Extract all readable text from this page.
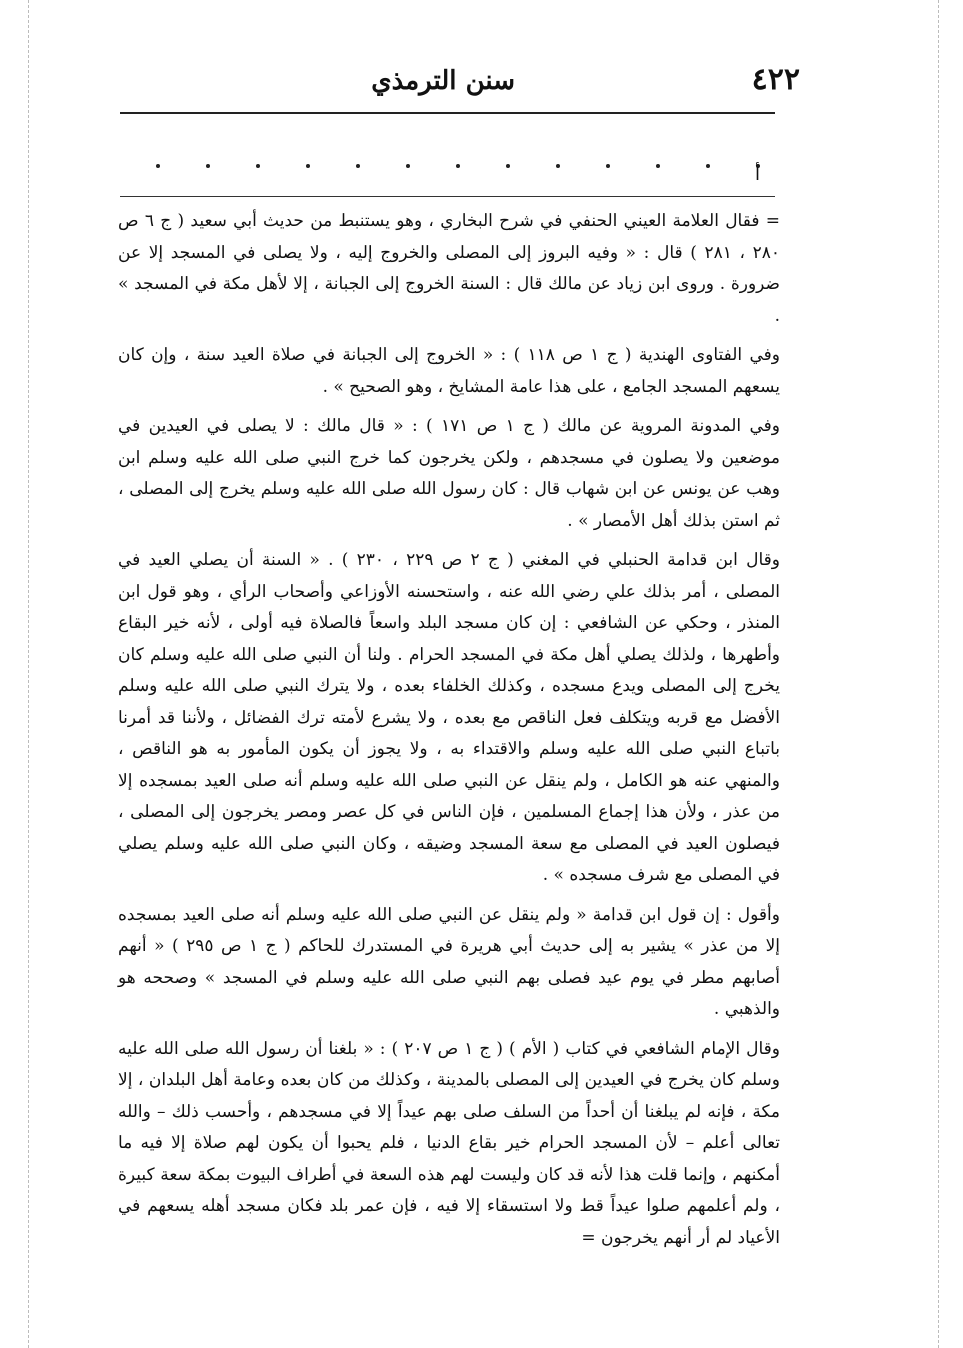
٤٢٢
سنن الترمذي
أ

= فقال العلامة العيني الحنفي في شرح البخاري ، وهو يستنبط من حديث أبي سعيد ( ج ٦ ص ٢٨٠ ، ٢٨١ ) قال : « وفيه البروز إلى المصلى والخروج إليه ، ولا يصلى في المسجد إلا عن ضرورة . وروى ابن زياد عن مالك قال : السنة الخروج إلى الجبانة ، إلا لأهل مكة في المسجد » .

وفي الفتاوى الهندية ( ج ١ ص ١١٨ ) : « الخروج إلى الجبانة في صلاة العيد سنة ، وإن كان يسعهم المسجد الجامع ، على هذا عامة المشايخ ، وهو الصحيح » .

وفي المدونة المروية عن مالك ( ج ١ ص ١٧١ ) : « قال مالك : لا يصلى في العيدين في موضعين ولا يصلون في مسجدهم ، ولكن يخرجون كما خرج النبي صلى الله عليه وسلم ابن وهب عن يونس عن ابن شهاب قال : كان رسول الله صلى الله عليه وسلم يخرج إلى المصلى ، ثم استن بذلك أهل الأمصار » .

وقال ابن قدامة الحنبلي في المغني ( ج ٢ ص ٢٢٩ ، ٢٣٠ ) . « السنة أن يصلي العيد في المصلى ، أمر بذلك علي رضي الله عنه ، واستحسنه الأوزاعي وأصحاب الرأي ، وهو قول ابن المنذر ، وحكي عن الشافعي : إن كان مسجد البلد واسعاً فالصلاة فيه أولى ، لأنه خير البقاع وأطهرها ، ولذلك يصلي أهل مكة في المسجد الحرام . ولنا أن النبي صلى الله عليه وسلم كان يخرج إلى المصلى ويدع مسجده ، وكذلك الخلفاء بعده ، ولا يترك النبي صلى الله عليه وسلم الأفضل مع قربه ويتكلف فعل الناقص مع بعده ، ولا يشرع لأمته ترك الفضائل ، ولأننا قد أمرنا باتباع النبي صلى الله عليه وسلم والاقتداء به ، ولا يجوز أن يكون المأمور به هو الناقص ، والمنهي عنه هو الكامل ، ولم ينقل عن النبي صلى الله عليه وسلم أنه صلى العيد بمسجده إلا من عذر ، ولأن هذا إجماع المسلمين ، فإن الناس في كل عصر ومصر يخرجون إلى المصلى ، فيصلون العيد في المصلى مع سعة المسجد وضيقه ، وكان النبي صلى الله عليه وسلم يصلي في المصلى مع شرف مسجده » .

وأقول : إن قول ابن قدامة « ولم ينقل عن النبي صلى الله عليه وسلم أنه صلى العيد بمسجده إلا من عذر » يشير به إلى حديث أبي هريرة في المستدرك للحاكم ( ج ١ ص ٢٩٥ ) « أنهم أصابهم مطر في يوم عيد فصلى بهم النبي صلى الله عليه وسلم في المسجد » وصححه هو والذهبي .

وقال الإمام الشافعي في كتاب ( الأم ) ( ج ١ ص ٢٠٧ ) : « بلغنا أن رسول الله صلى الله عليه وسلم كان يخرج في العيدين إلى المصلى بالمدينة ، وكذلك من كان بعده وعامة أهل البلدان ، إلا مكة ، فإنه لم يبلغنا أن أحداً من السلف صلى بهم عيداً إلا في مسجدهم ، وأحسب ذلك – والله تعالى أعلم – لأن المسجد الحرام خير بقاع الدنيا ، فلم يحبوا أن يكون لهم صلاة إلا فيه ما أمكنهم ، وإنما قلت هذا لأنه قد كان وليست لهم هذه السعة في أطراف البيوت بمكة سعة كبيرة ، ولم أعلمهم صلوا عيداً قط ولا استسقاء إلا فيه ، فإن عمر بلد فكان مسجد أهله يسعهم في الأعياد لم أر أنهم يخرجون =
